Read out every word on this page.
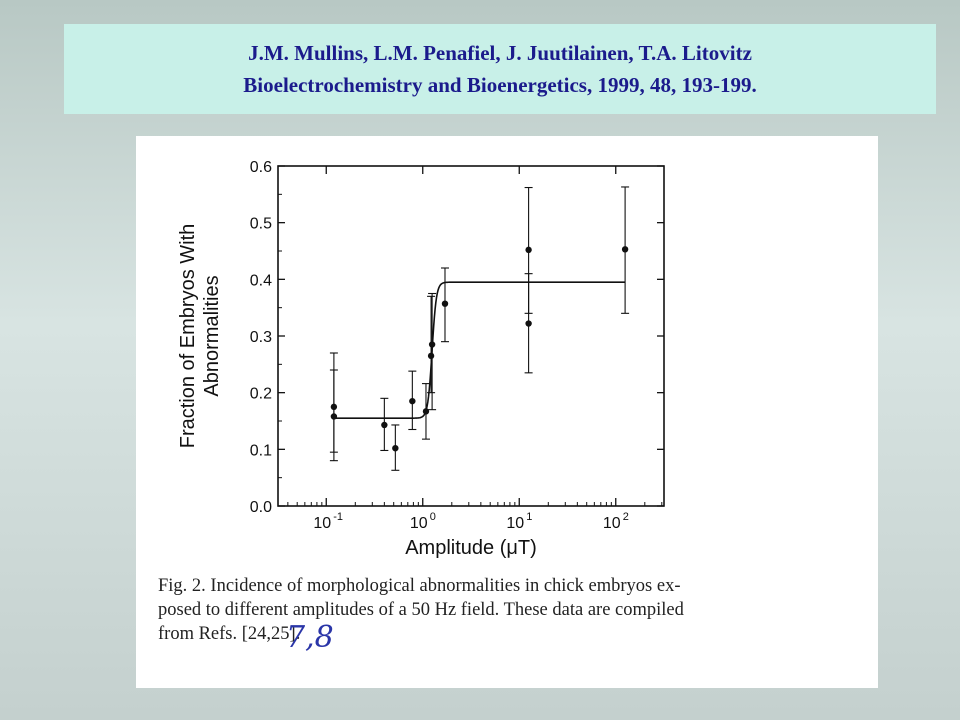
J.M. Mullins, L.M. Penafiel, J. Juutilainen, T.A. Litovitz
Bioelectrochemistry and Bioenergetics, 1999, 48, 193-199.
0.0
0.1
0.2
0.3
0.4
0.5
0.6
10 -1	10 0	10 1	10 2
Amplitude (μT)
Fraction of Embryos With Abnormalities
Fig. 2. Incidence of morphological abnormalities in chick embryos ex-
posed to different amplitudes of a 50 Hz field. These data are compiled
from Refs. [24,25].
7,8
